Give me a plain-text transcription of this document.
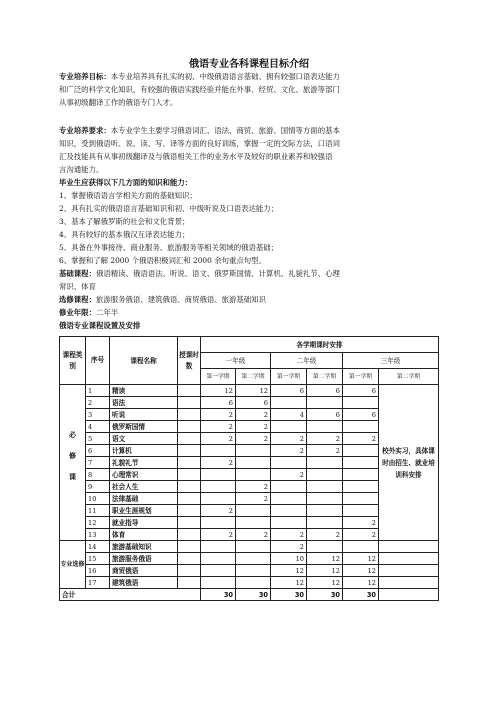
俄语专业各科课程目标介绍
专业培养目标：本专业培养具有扎实的初、中级俄语语言基础、拥有较强口语表达能力
和广泛的科学文化知识，有较强的俄语实践经验并能在外事、经贸、文化、旅游等部门
从事初级翻译工作的俄语专门人才。
专业培养要求：本专业学生主要学习俄语词汇、语法、商贸、旅游、国情等方面的基本
知识，受到俄语听、说、读、写、译等方面的良好训练，掌握一定的交际方法，口语词
汇及技能具有从事初级翻译及与俄语相关工作的业务水平及较好的职业素养和较强语
言沟通能力。
毕业生应获得以下几方面的知识和能力：
1、掌握俄语语言学相关方面的基础知识；
2、具有扎实的俄语语言基础知识和初、中级听说及口语表达能力；
3、基本了解俄罗斯的社会和文化背景；
4、具有较好的基本俄汉互译表达能力；
5、具备在外事接待、商业服务、旅游服务等相关领域的俄语基础；
6、掌握和了解 2000 个俄语积极词汇和 2000 余句重点句型。
基础课程：俄语精读、俄语语法、听说、语文、俄罗斯国情、计算机、礼貌礼节、心理
常识、体育
选修课程：旅游服务俄语、建筑俄语、商贸俄语、旅游基础知识
修业年限：二年半
俄语专业课程设置及安排
课程类别	序号	课程名称	授课时数	各学期课时安排					
				一年级		二年级		三年级	
				第一学期	第二学期	第一学期	第二学期	第一学期	第二学期
必修课	1	精读		12	12	6	6	6	校外实习，具体课时由招生、就业培训科安排
	2	语法		6	6				
	3	听说		2	2	4	6	6	
	4	俄罗斯国情		2	2				
	5	语文		2	2	2	2	2	
	6	计算机				2	2		
	7	礼貌礼节		2					
	8	心理常识				2			
	9	社会人生			2				
	10	法律基础			2				
	11	职业生涯规划		2					
	12	就业指导						2	
	13	体育		2	2	2	2	2	
专业选修	14	旅游基础知识				2			
	15	旅游服务俄语				10	12	12	
	16	商贸俄语				12	12	12	
	17	建筑俄语				12	12	12	
合计				30	30	30	30	30	
